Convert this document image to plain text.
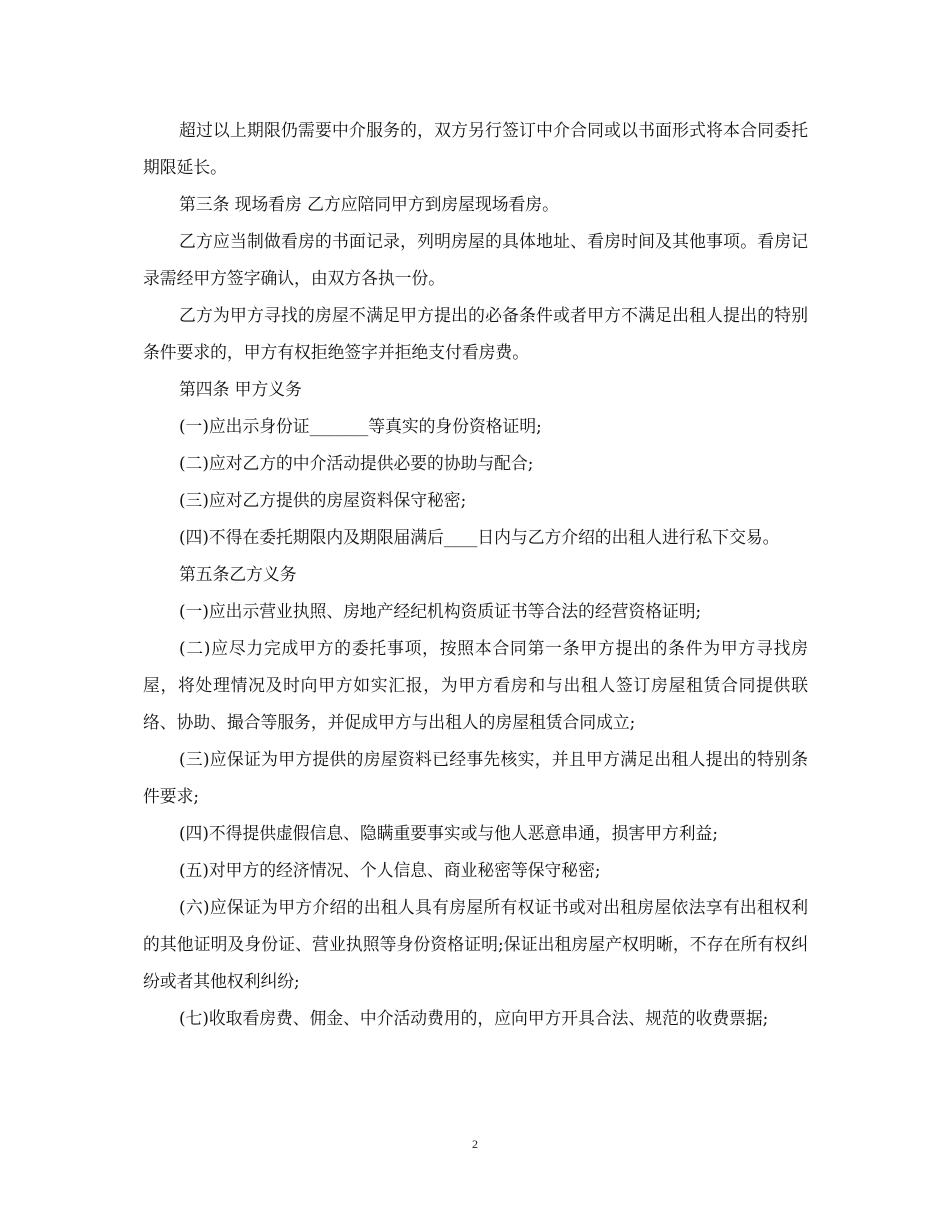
超过以上期限仍需要中介服务的，双方另行签订中介合同或以书面形式将本合同委托期限延长。

第三条 现场看房 乙方应陪同甲方到房屋现场看房。

乙方应当制做看房的书面记录，列明房屋的具体地址、看房时间及其他事项。看房记录需经甲方签字确认，由双方各执一份。

乙方为甲方寻找的房屋不满足甲方提出的必备条件或者甲方不满足出租人提出的特别条件要求的，甲方有权拒绝签字并拒绝支付看房费。

第四条 甲方义务

(一)应出示身份证_______等真实的身份资格证明;

(二)应对乙方的中介活动提供必要的协助与配合;

(三)应对乙方提供的房屋资料保守秘密;

(四)不得在委托期限内及期限届满后____日内与乙方介绍的出租人进行私下交易。

第五条乙方义务

(一)应出示营业执照、房地产经纪机构资质证书等合法的经营资格证明;

(二)应尽力完成甲方的委托事项，按照本合同第一条甲方提出的条件为甲方寻找房屋，将处理情况及时向甲方如实汇报，为甲方看房和与出租人签订房屋租赁合同提供联络、协助、撮合等服务，并促成甲方与出租人的房屋租赁合同成立;

(三)应保证为甲方提供的房屋资料已经事先核实，并且甲方满足出租人提出的特别条件要求;

(四)不得提供虚假信息、隐瞒重要事实或与他人恶意串通，损害甲方利益;

(五)对甲方的经济情况、个人信息、商业秘密等保守秘密;

(六)应保证为甲方介绍的出租人具有房屋所有权证书或对出租房屋依法享有出租权利的其他证明及身份证、营业执照等身份资格证明;保证出租房屋产权明晰，不存在所有权纠纷或者其他权利纠纷;

(七)收取看房费、佣金、中介活动费用的，应向甲方开具合法、规范的收费票据;

2
